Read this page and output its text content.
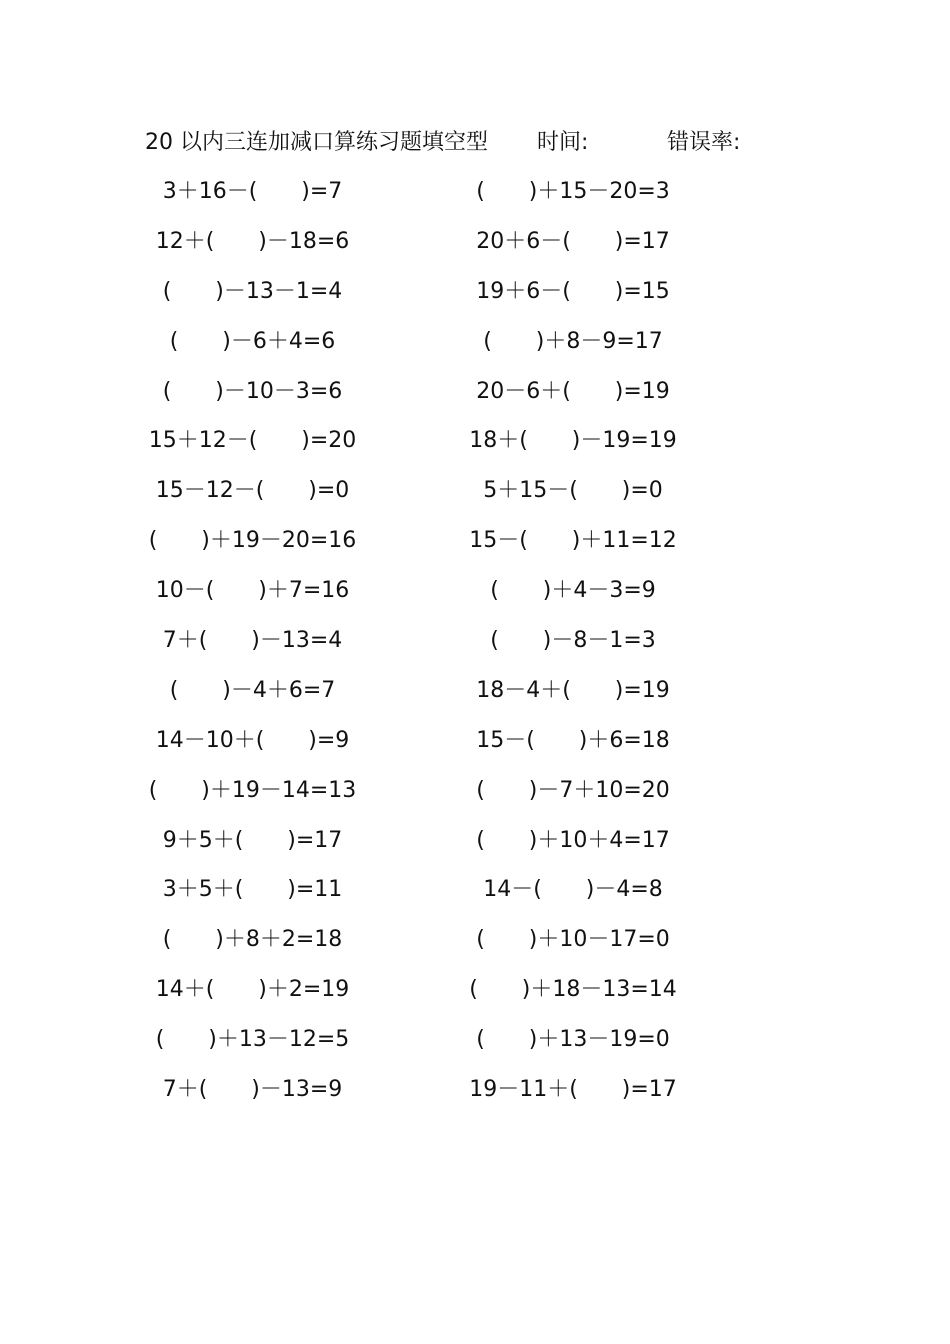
20 以内三连加减口算练习题填空型 时间:	错误率:
3＋16－(　　)=7	(　　)＋15－20=3
12＋(　　)－18=6	20＋6－(　　)=17
(　　)－13－1=4	19＋6－(　　)=15
(　　)－6＋4=6	(　　)＋8－9=17
(　　)－10－3=6	20－6＋(　　)=19
15＋12－(　　)=20	18＋(　　)－19=19
15－12－(　　)=0	5＋15－(　　)=0
(　　)＋19－20=16	15－(　　)＋11=12
10－(　　)＋7=16	(　　)＋4－3=9
7＋(　　)－13=4	(　　)－8－1=3
(　　)－4＋6=7	18－4＋(　　)=19
14－10＋(　　)=9	15－(　　)＋6=18
(　　)＋19－14=13	(　　)－7＋10=20
9＋5＋(　　)=17	(　　)＋10＋4=17
3＋5＋(　　)=11	14－(　　)－4=8
(　　)＋8＋2=18	(　　)＋10－17=0
14＋(　　)＋2=19	(　　)＋18－13=14
(　　)＋13－12=5	(　　)＋13－19=0
7＋(　　)－13=9	19－11＋(　　)=17
